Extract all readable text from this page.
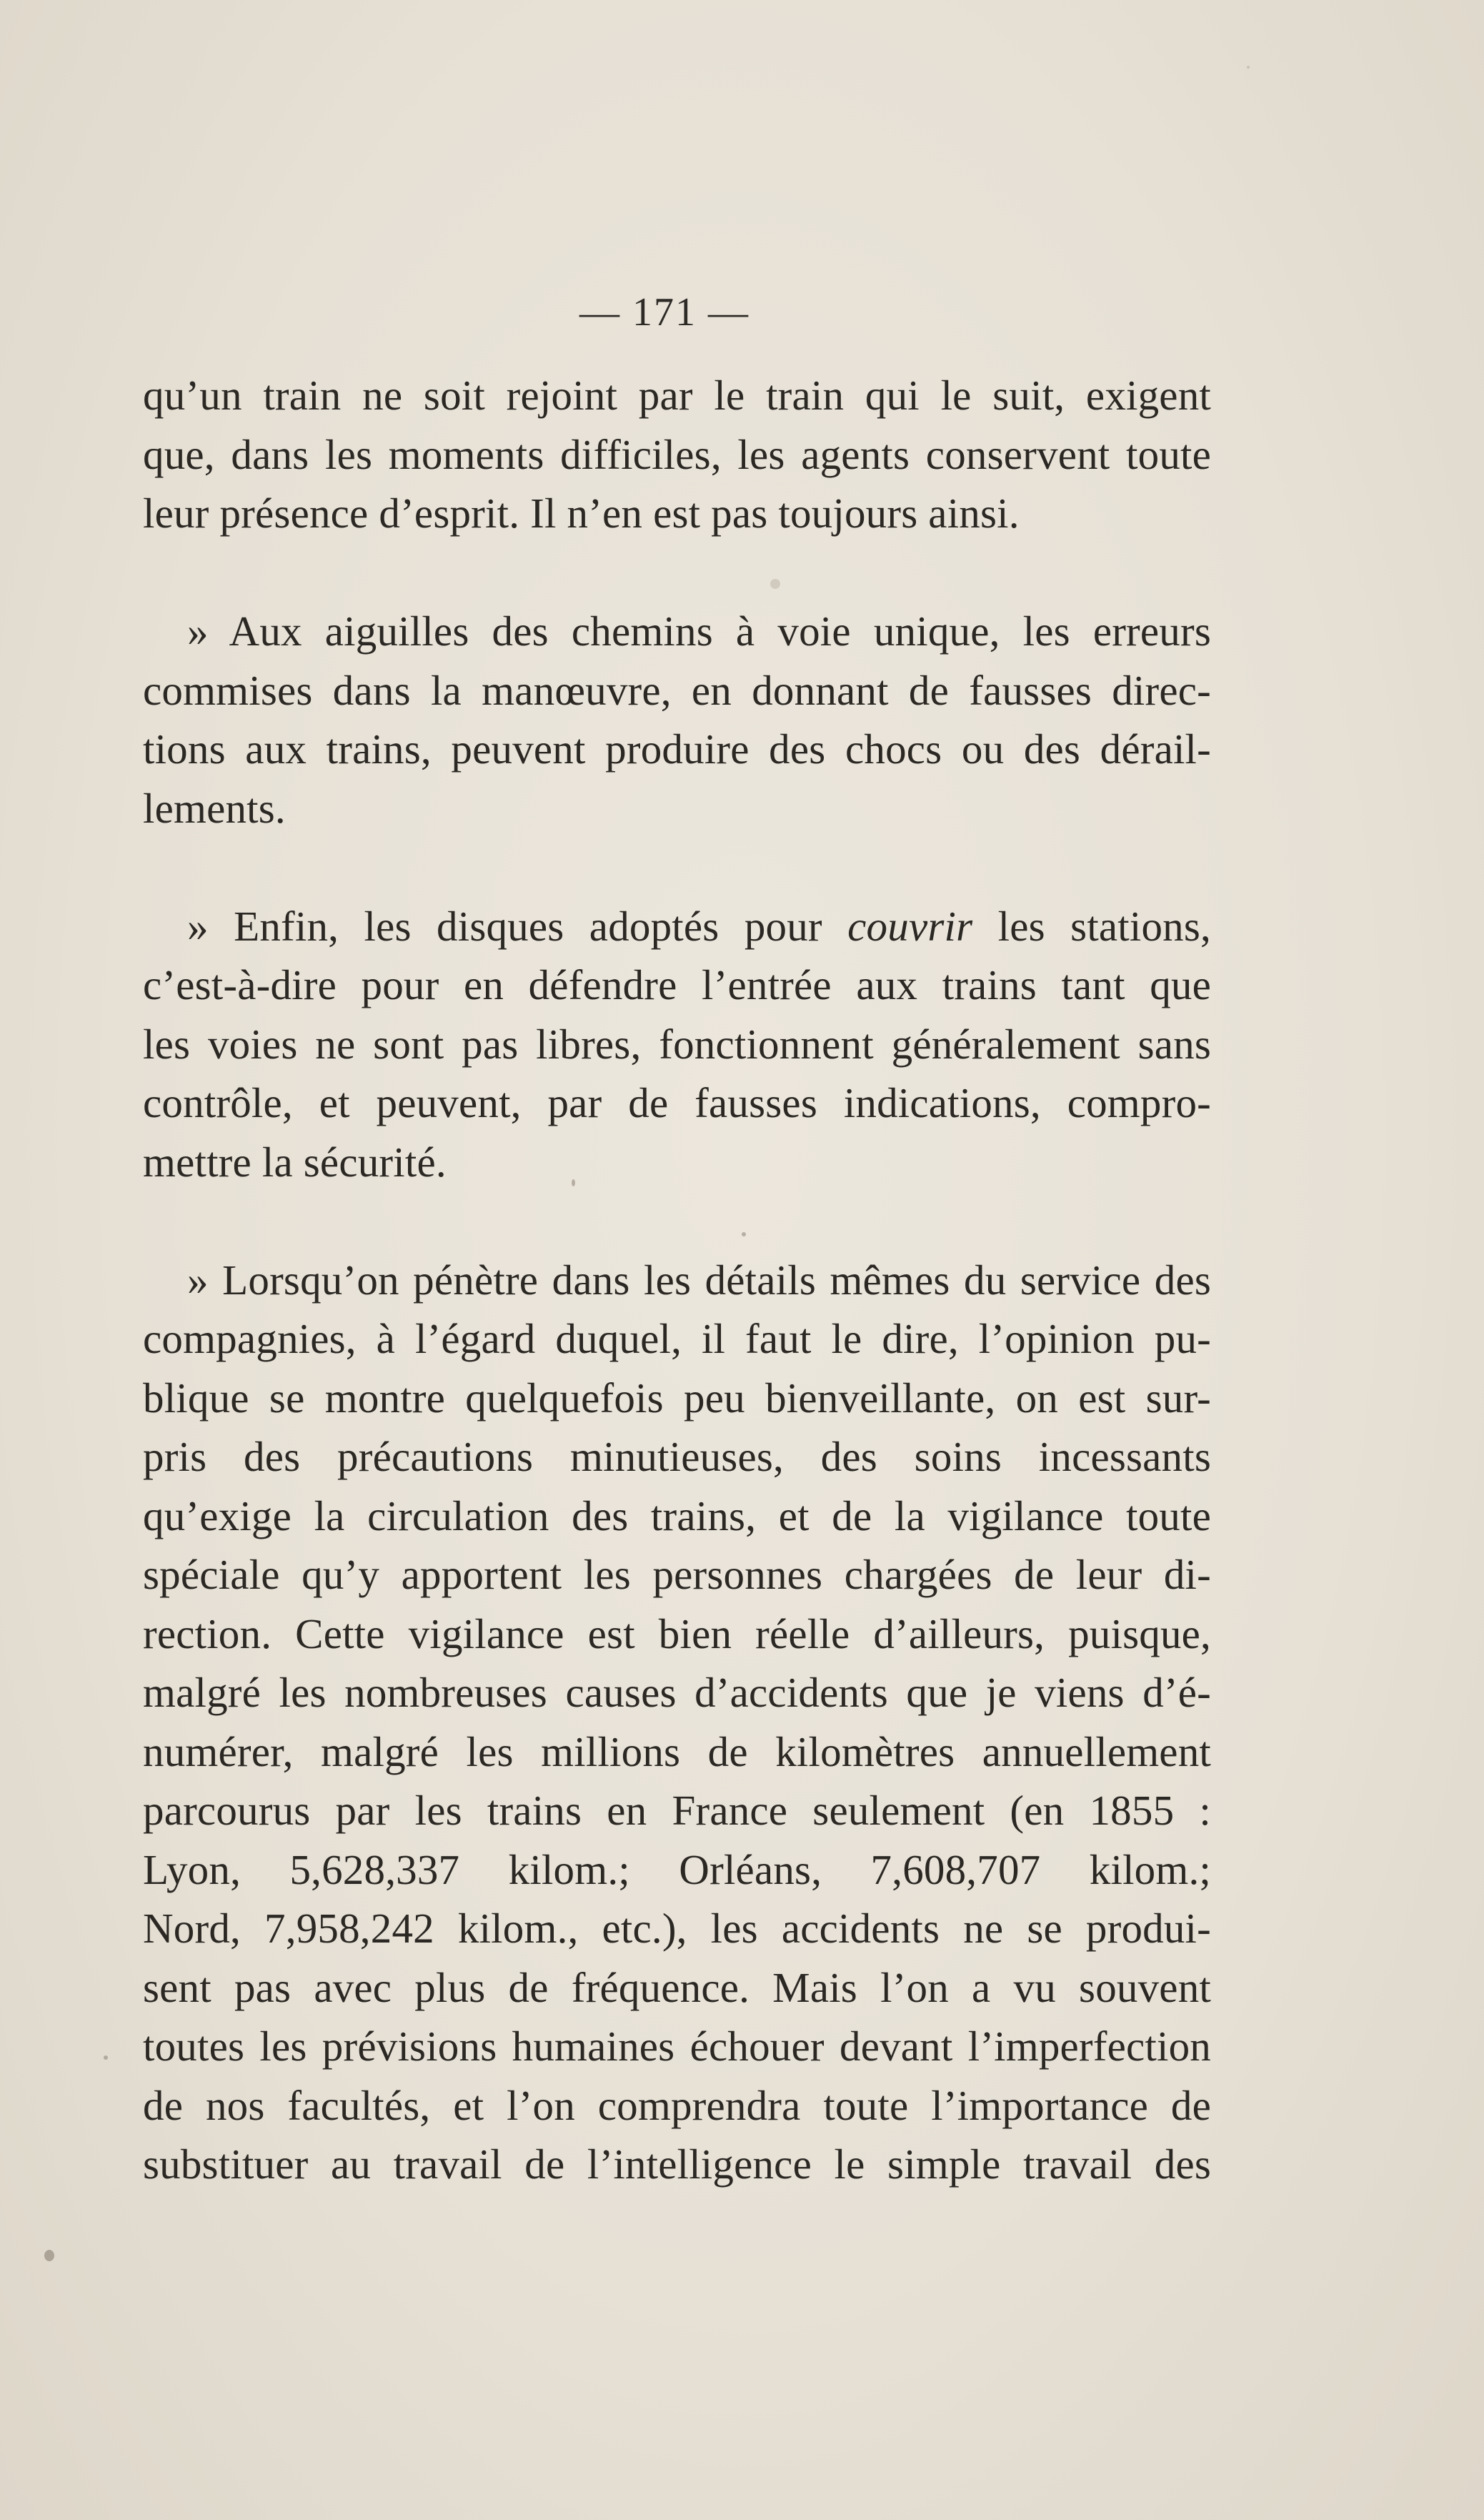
— 171 —
qu’un train ne soit rejoint par le train qui le suit, exigent
que, dans les moments difficiles, les agents conservent toute
leur présence d’esprit. Il n’en est pas toujours ainsi.
» Aux aiguilles des chemins à voie unique, les erreurs
commises dans la manœuvre, en donnant de fausses direc-
tions aux trains, peuvent produire des chocs ou des dérail-
lements.
» Enfin, les disques adoptés pour couvrir les stations,
c’est-à-dire pour en défendre l’entrée aux trains tant que
les voies ne sont pas libres, fonctionnent généralement sans
contrôle, et peuvent, par de fausses indications, compro-
mettre la sécurité.
» Lorsqu’on pénètre dans les détails mêmes du service des
compagnies, à l’égard duquel, il faut le dire, l’opinion pu-
blique se montre quelquefois peu bienveillante, on est sur-
pris des précautions minutieuses, des soins incessants
qu’exige la circulation des trains, et de la vigilance toute
spéciale qu’y apportent les personnes chargées de leur di-
rection. Cette vigilance est bien réelle d’ailleurs, puisque,
malgré les nombreuses causes d’accidents que je viens d’é-
numérer, malgré les millions de kilomètres annuellement
parcourus par les trains en France seulement (en 1855 :
Lyon, 5,628,337 kilom.; Orléans, 7,608,707 kilom.;
Nord, 7,958,242 kilom., etc.), les accidents ne se produi-
sent pas avec plus de fréquence. Mais l’on a vu souvent
toutes les prévisions humaines échouer devant l’imperfection
de nos facultés, et l’on comprendra toute l’importance de
substituer au travail de l’intelligence le simple travail des
